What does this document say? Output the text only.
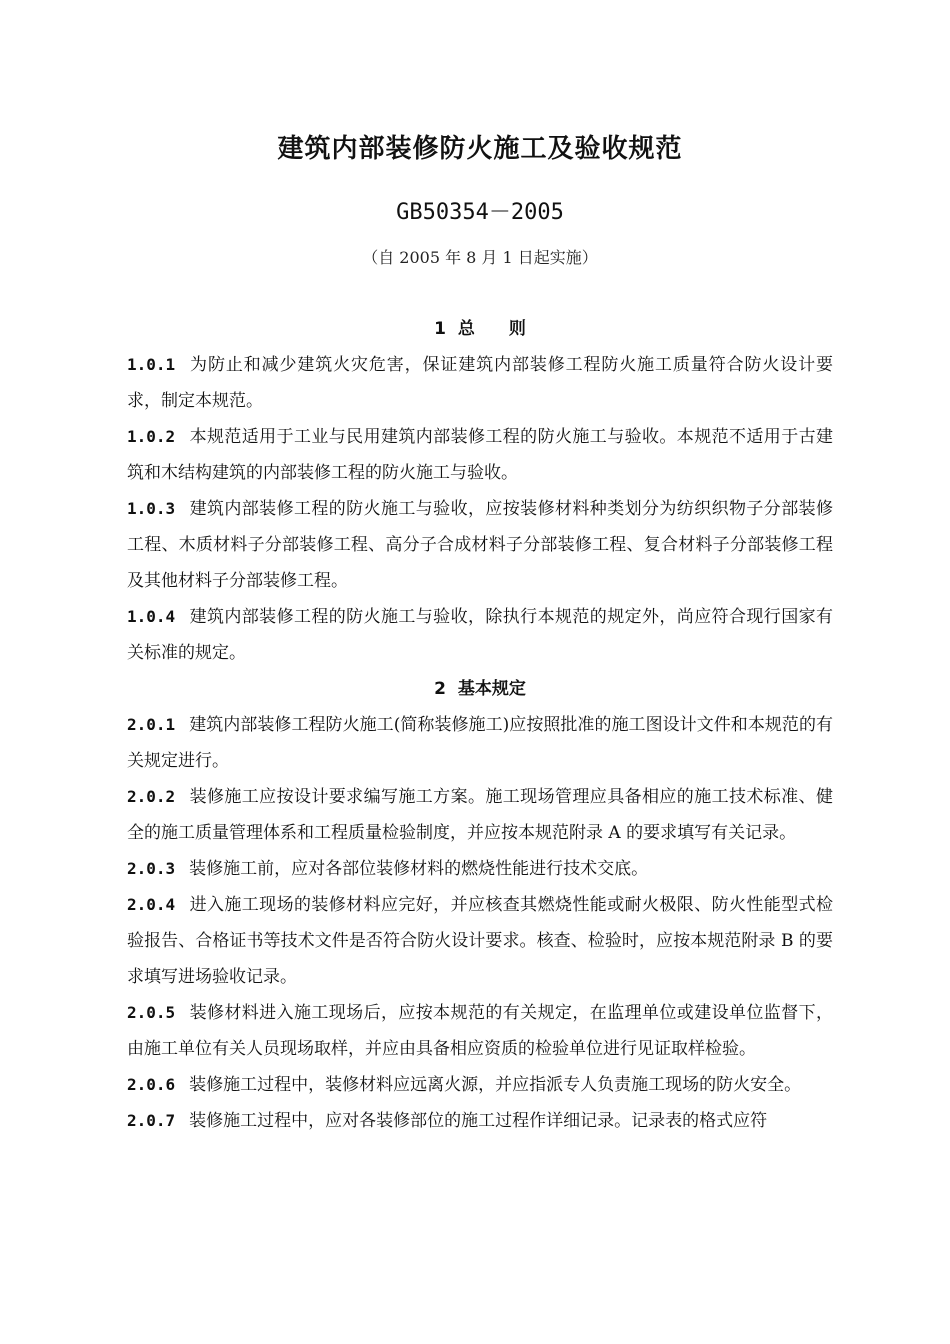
建筑内部装修防火施工及验收规范
GB50354－2005
（自 2005 年 8 月 1 日起实施）
1 总　　则

1.0.1 为防止和减少建筑火灾危害，保证建筑内部装修工程防火施工质量符合防火设计要求，制定本规范。

1.0.2 本规范适用于工业与民用建筑内部装修工程的防火施工与验收。本规范不适用于古建筑和木结构建筑的内部装修工程的防火施工与验收。

1.0.3 建筑内部装修工程的防火施工与验收，应按装修材料种类划分为纺织织物子分部装修工程、木质材料子分部装修工程、高分子合成材料子分部装修工程、复合材料子分部装修工程及其他材料子分部装修工程。

1.0.4 建筑内部装修工程的防火施工与验收，除执行本规范的规定外，尚应符合现行国家有关标准的规定。

2 基本规定

2.0.1 建筑内部装修工程防火施工(简称装修施工)应按照批准的施工图设计文件和本规范的有关规定进行。

2.0.2 装修施工应按设计要求编写施工方案。施工现场管理应具备相应的施工技术标准、健全的施工质量管理体系和工程质量检验制度，并应按本规范附录 A 的要求填写有关记录。

2.0.3 装修施工前，应对各部位装修材料的燃烧性能进行技术交底。

2.0.4 进入施工现场的装修材料应完好，并应核查其燃烧性能或耐火极限、防火性能型式检验报告、合格证书等技术文件是否符合防火设计要求。核查、检验时，应按本规范附录 B 的要求填写进场验收记录。

2.0.5 装修材料进入施工现场后，应按本规范的有关规定，在监理单位或建设单位监督下，由施工单位有关人员现场取样，并应由具备相应资质的检验单位进行见证取样检验。

2.0.6 装修施工过程中，装修材料应远离火源，并应指派专人负责施工现场的防火安全。

2.0.7 装修施工过程中，应对各装修部位的施工过程作详细记录。记录表的格式应符
